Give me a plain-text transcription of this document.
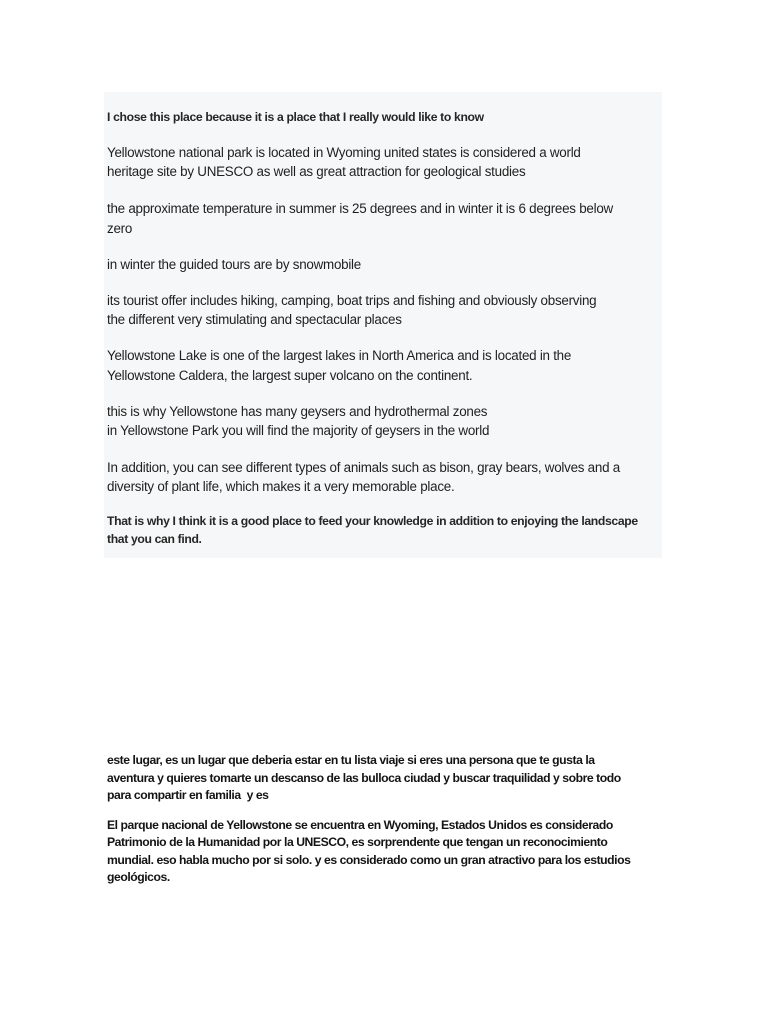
I chose this place because it is a place that I really would like to know

Yellowstone national park is located in Wyoming united states is considered a world
heritage site by UNESCO as well as great attraction for geological studies

the approximate temperature in summer is 25 degrees and in winter it is 6 degrees below
zero

in winter the guided tours are by snowmobile

its tourist offer includes hiking, camping, boat trips and fishing and obviously observing
the different very stimulating and spectacular places

Yellowstone Lake is one of the largest lakes in North America and is located in the
Yellowstone Caldera, the largest super volcano on the continent.

this is why Yellowstone has many geysers and hydrothermal zones
in Yellowstone Park you will find the majority of geysers in the world

In addition, you can see different types of animals such as bison, gray bears, wolves and a
diversity of plant life, which makes it a very memorable place.

That is why I think it is a good place to feed your knowledge in addition to enjoying the landscape
that you can find.

este lugar, es un lugar que deberia estar en tu lista viaje si eres una persona que te gusta la
aventura y quieres tomarte un descanso de las bulloca ciudad y buscar traquilidad y sobre todo
para compartir en familia  y es

El parque nacional de Yellowstone se encuentra en Wyoming, Estados Unidos es considerado
Patrimonio de la Humanidad por la UNESCO, es sorprendente que tengan un reconocimiento
mundial. eso habla mucho por si solo. y es considerado como un gran atractivo para los estudios
geológicos.
